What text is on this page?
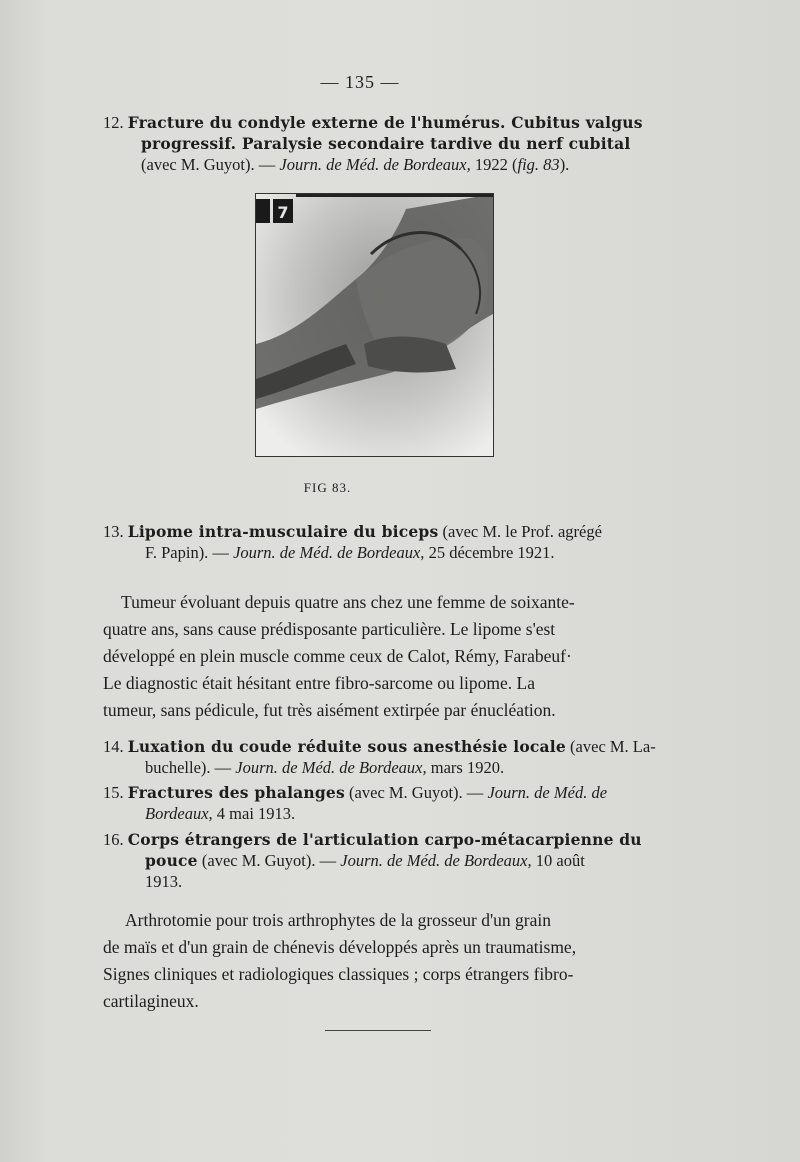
— 135 —
12. Fracture du condyle externe de l'humérus. Cubitus valgus
progressif. Paralysie secondaire tardive du nerf cubital
(avec M. Guyot). — Journ. de Méd. de Bordeaux, 1922 (fig. 83).
7
FIG 83.
13. Lipome intra-musculaire du biceps (avec M. le Prof. agrégé
F. Papin). — Journ. de Méd. de Bordeaux, 25 décembre 1921.
Tumeur évoluant depuis quatre ans chez une femme de soixante-
quatre ans, sans cause prédisposante particulière. Le lipome s'est
développé en plein muscle comme ceux de Calot, Rémy, Farabeuf·
Le diagnostic était hésitant entre fibro-sarcome ou lipome. La
tumeur, sans pédicule, fut très aisément extirpée par énucléation.
14. Luxation du coude réduite sous anesthésie locale (avec M. La-
buchelle). — Journ. de Méd. de Bordeaux, mars 1920.
15. Fractures des phalanges (avec M. Guyot). — Journ. de Méd. de
Bordeaux, 4 mai 1913.
16. Corps étrangers de l'articulation carpo-métacarpienne du
pouce (avec M. Guyot). — Journ. de Méd. de Bordeaux, 10 août
1913.
Arthrotomie pour trois arthrophytes de la grosseur d'un grain
de maïs et d'un grain de chénevis développés après un traumatisme,
Signes cliniques et radiologiques classiques ; corps étrangers fibro-
cartilagineux.
